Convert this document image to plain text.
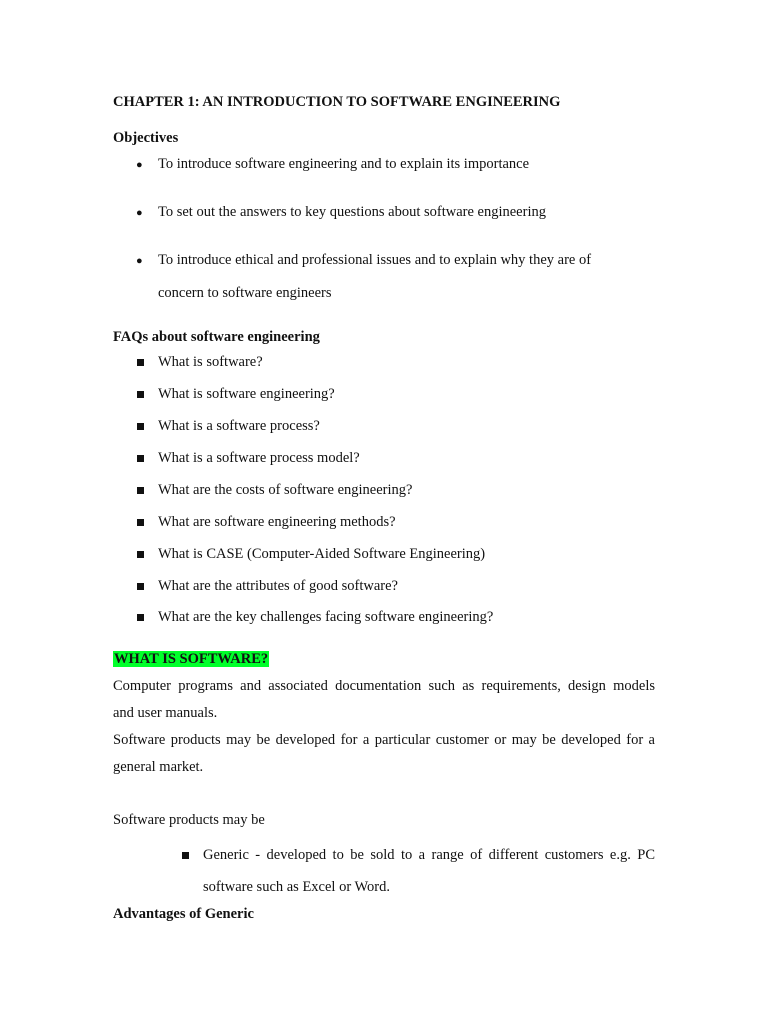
CHAPTER 1: AN INTRODUCTION TO SOFTWARE ENGINEERING
Objectives
● To introduce software engineering and to explain its importance
● To set out the answers to key questions about software engineering
● To introduce ethical and professional issues and to explain why they are of
concern to software engineers
FAQs about software engineering
What is software?
What is software engineering?
What is a software process?
What is a software process model?
What are the costs of software engineering?
What are software engineering methods?
What is CASE (Computer-Aided Software Engineering)
What are the attributes of good software?
What are the key challenges facing software engineering?
WHAT IS SOFTWARE?
Computer programs and associated documentation such as requirements, design models
and user manuals.
Software products may be developed for a particular customer or may be developed for a
general market.
Software products may be
Generic - developed to be sold to a range of different customers e.g. PC
software such as Excel or Word.
Advantages of Generic
